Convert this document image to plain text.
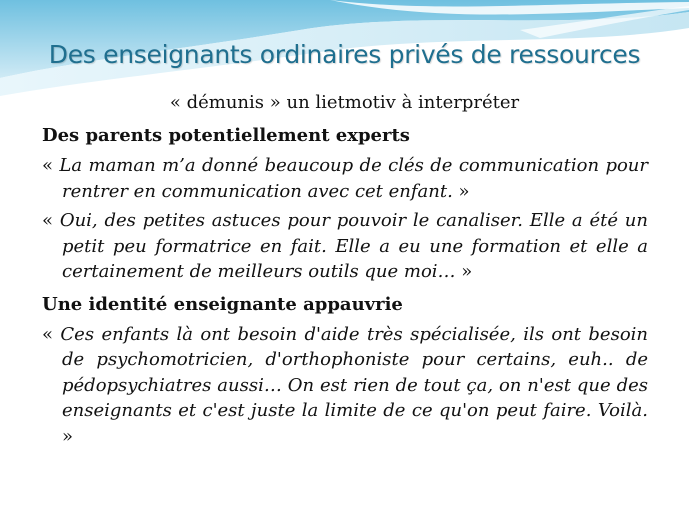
Des enseignants ordinaires privés de ressources
« démunis » un lietmotiv à interpréter

Des parents potentiellement experts

« La maman m’a donné beaucoup de clés de communication pour rentrer en communication avec cet enfant. »

« Oui, des petites astuces pour pouvoir le canaliser. Elle a été un petit peu formatrice en fait. Elle a eu une formation et elle a certainement de meilleurs outils que moi… »

Une identité enseignante appauvrie

« Ces enfants là ont besoin d'aide très spécialisée, ils ont besoin de psychomotricien, d'orthophoniste pour certains, euh.. de pédopsychiatres aussi… On est rien de tout ça, on n'est que des enseignants et c'est juste la limite de ce qu'on peut faire. Voilà. »
